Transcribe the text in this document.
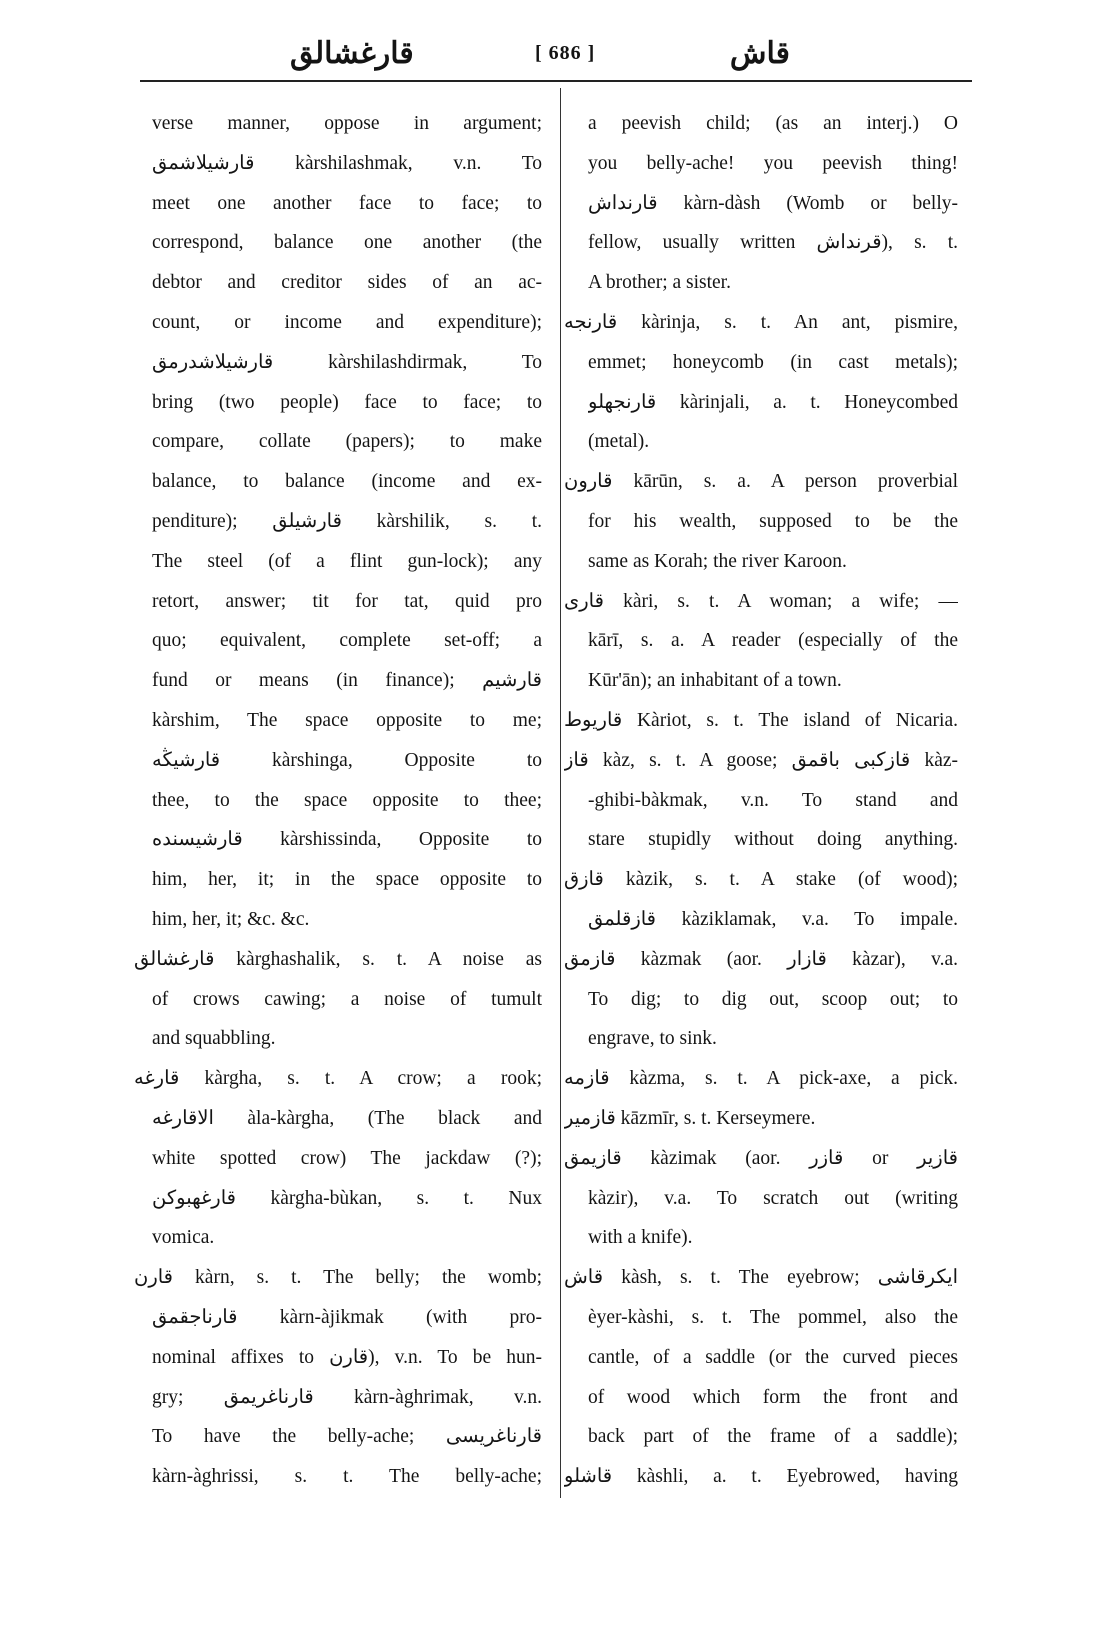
قارغشالق	[ 686 ]	قاش
verse manner, oppose in argument;
قارشيلاشمق kàrshilashmak, v.n. To
meet one another face to face; to
correspond, balance one another (the
debtor and creditor sides of an ac-
count, or income and expenditure);
قارشيلاشدرمق kàrshilashdirmak, To
bring (two people) face to face; to
compare, collate (papers); to make
balance, to balance (income and ex-
penditure); قارشيلق kàrshilik, s. t.
The steel (of a flint gun-lock); any
retort, answer; tit for tat, quid pro
quo; equivalent, complete set-off; a
fund or means (in finance); قارشيم
kàrshim, The space opposite to me;
قارشيڭه kàrshinga, Opposite to
thee, to the space opposite to thee;
قارشيسنده kàrshissinda, Opposite to
him, her, it; in the space opposite to
him, her, it; &c. &c.
قارغشالق kàrghashalik, s. t. A noise as
of crows cawing; a noise of tumult
and squabbling.
قارغه kàrgha, s. t. A crow; a rook;
الاقارغه àla-kàrgha, (The black and
white spotted crow) The jackdaw (?);
قارغهبوكن kàrgha-bùkan, s. t. Nux
vomica.
قارن kàrn, s. t. The belly; the womb;
قارناجقمق kàrn-àjikmak (with pro-
nominal affixes to قارن), v.n. To be hun-
gry; قارناغريمق kàrn-àghrimak, v.n.
To have the belly-ache; قارناغريسى
kàrn-àghrissi, s. t. The belly-ache;
a peevish child; (as an interj.) O
you belly-ache! you peevish thing!
قارنداش kàrn-dàsh (Womb or belly-
fellow, usually written قرنداش), s. t.
A brother; a sister.
قارنجه kàrinja, s. t. An ant, pismire,
emmet; honeycomb (in cast metals);
قارنجهلو kàrinjali, a. t. Honeycombed
(metal).
قارون kārūn, s. a. A person proverbial
for his wealth, supposed to be the
same as Korah; the river Karoon.
قارى kàri, s. t. A woman; a wife; —
kārī, s. a. A reader (especially of the
Kūr'ān); an inhabitant of a town.
قاريوط Kàriot, s. t. The island of Nicaria.
قاز kàz, s. t. A goose; قازكبى باقمق kàz-
-ghibi-bàkmak, v.n. To stand and
stare stupidly without doing anything.
قازق kàzik, s. t. A stake (of wood);
قازقلمق kàziklamak, v.a. To impale.
قازمق kàzmak (aor. قازار kàzar), v.a.
To dig; to dig out, scoop out; to
engrave, to sink.
قازمه kàzma, s. t. A pick-axe, a pick.
قازمير kāzmīr, s. t. Kerseymere.
قازيمق kàzimak (aor. قازر or قازير
kàzir), v.a. To scratch out (writing
with a knife).
قاش kàsh, s. t. The eyebrow; ايكرقاشى
èyer-kàshi, s. t. The pommel, also the
cantle, of a saddle (or the curved pieces
of wood which form the front and
back part of the frame of a saddle);
قاشلو kàshli, a. t. Eyebrowed, having
